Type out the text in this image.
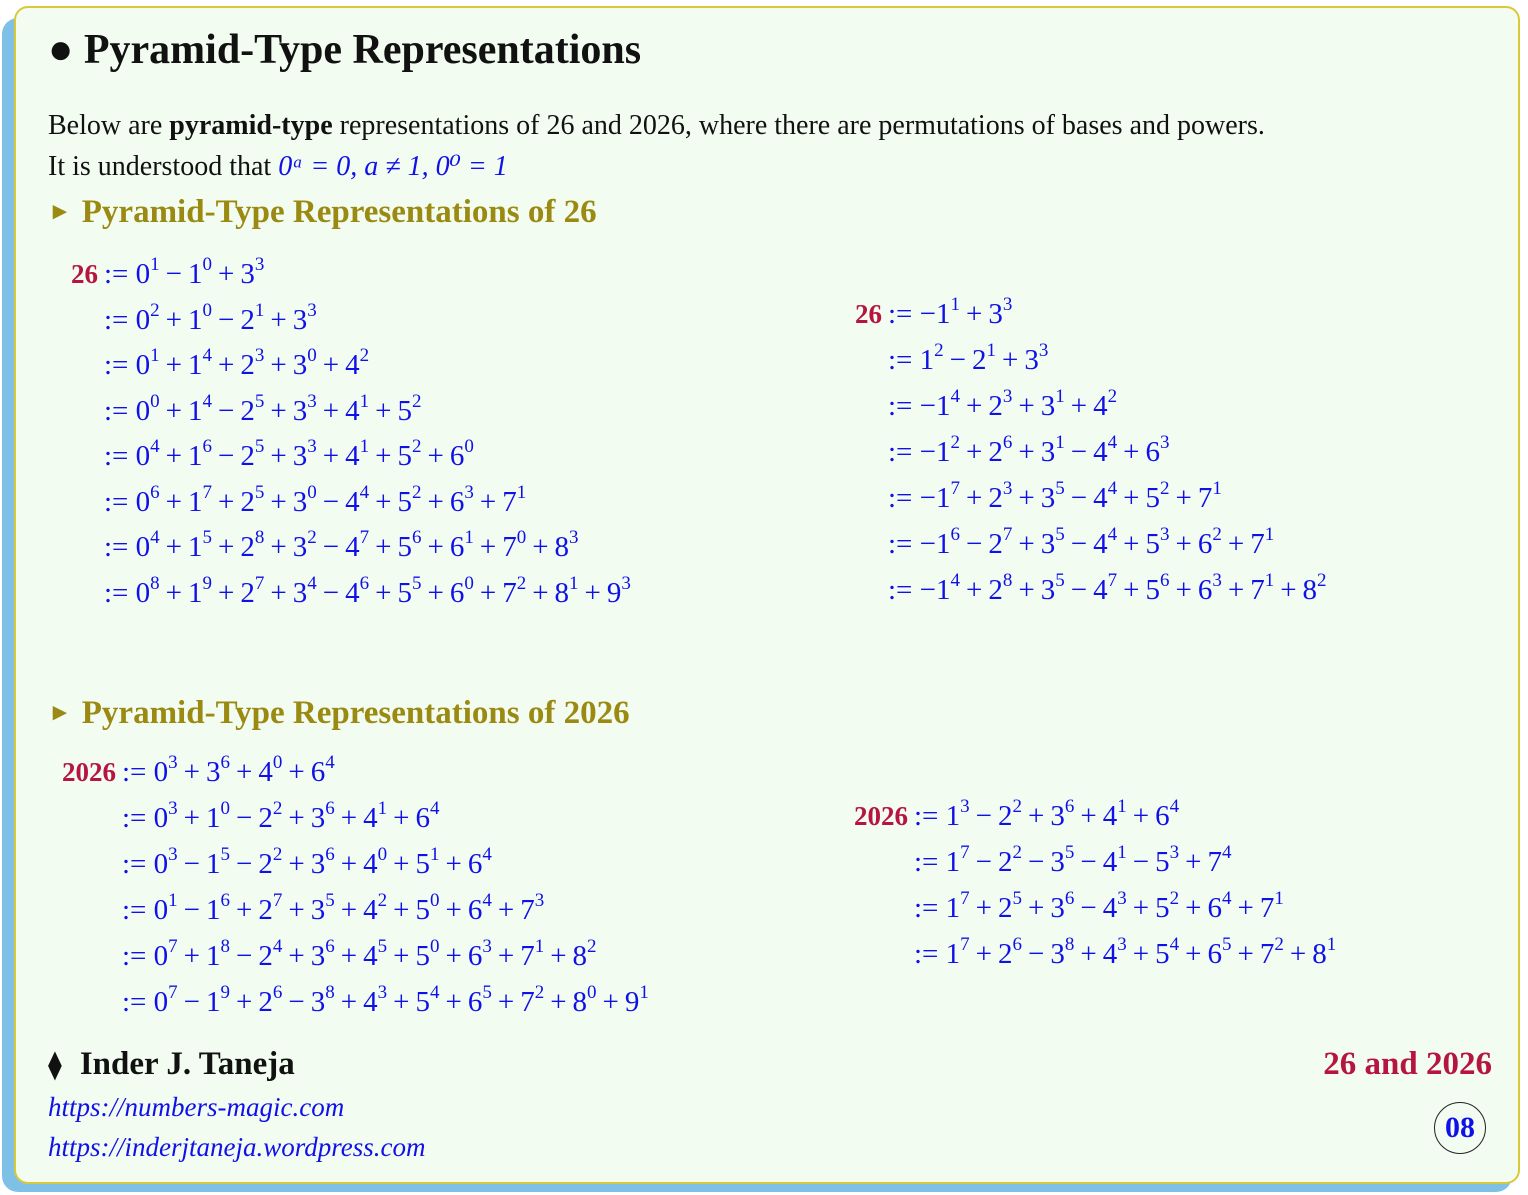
● Pyramid-Type Representations
Below are pyramid-type representations of 26 and 2026, where there are permutations of bases and powers.
It is understood that 0ᵃ = 0, a ≠ 1, 0⁰ = 1
► Pyramid-Type Representations of 26
► Pyramid-Type Representations of 2026
26 := $0^1 - 1^0 + 3^3$
:= $0^2 + 1^0 - 2^1 + 3^3$
:= $0^1 + 1^4 + 2^3 + 3^0 + 4^2$
:= $0^0 + 1^4 - 2^5 + 3^3 + 4^1 + 5^2$
:= $0^4 + 1^6 - 2^5 + 3^3 + 4^1 + 5^2 + 6^0$
:= $0^6 + 1^7 + 2^5 + 3^0 - 4^4 + 5^2 + 6^3 + 7^1$
:= $0^4 + 1^5 + 2^8 + 3^2 - 4^7 + 5^6 + 6^1 + 7^0 + 8^3$
:= $0^8 + 1^9 + 2^7 + 3^4 - 4^6 + 5^5 + 6^0 + 7^2 + 8^1 + 9^3$
26 := $-1^1 + 3^3$
:= $1^2 - 2^1 + 3^3$
:= $-1^4 + 2^3 + 3^1 + 4^2$
:= $-1^2 + 2^6 + 3^1 - 4^4 + 6^3$
:= $-1^7 + 2^3 + 3^5 - 4^4 + 5^2 + 7^1$
:= $-1^6 - 2^7 + 3^5 - 4^4 + 5^3 + 6^2 + 7^1$
:= $-1^4 + 2^8 + 3^5 - 4^7 + 5^6 + 6^3 + 7^1 + 8^2$
2026 := $0^3 + 3^6 + 4^0 + 6^4$
:= $0^3 + 1^0 - 2^2 + 3^6 + 4^1 + 6^4$
:= $0^3 - 1^5 - 2^2 + 3^6 + 4^0 + 5^1 + 6^4$
:= $0^1 - 1^6 + 2^7 + 3^5 + 4^2 + 5^0 + 6^4 + 7^3$
:= $0^7 + 1^8 - 2^4 + 3^6 + 4^5 + 5^0 + 6^3 + 7^1 + 8^2$
:= $0^7 - 1^9 + 2^6 - 3^8 + 4^3 + 5^4 + 6^5 + 7^2 + 8^0 + 9^1$
2026 := $1^3 - 2^2 + 3^6 + 4^1 + 6^4$
:= $1^7 - 2^2 - 3^5 - 4^1 - 5^3 + 7^4$
:= $1^7 + 2^5 + 3^6 - 4^3 + 5^2 + 6^4 + 7^1$
:= $1^7 + 2^6 - 3^8 + 4^3 + 5^4 + 6^5 + 7^2 + 8^1$
⧫ Inder J. Taneja
https://numbers-magic.com
https://inderjtaneja.wordpress.com
26 and 2026
08
